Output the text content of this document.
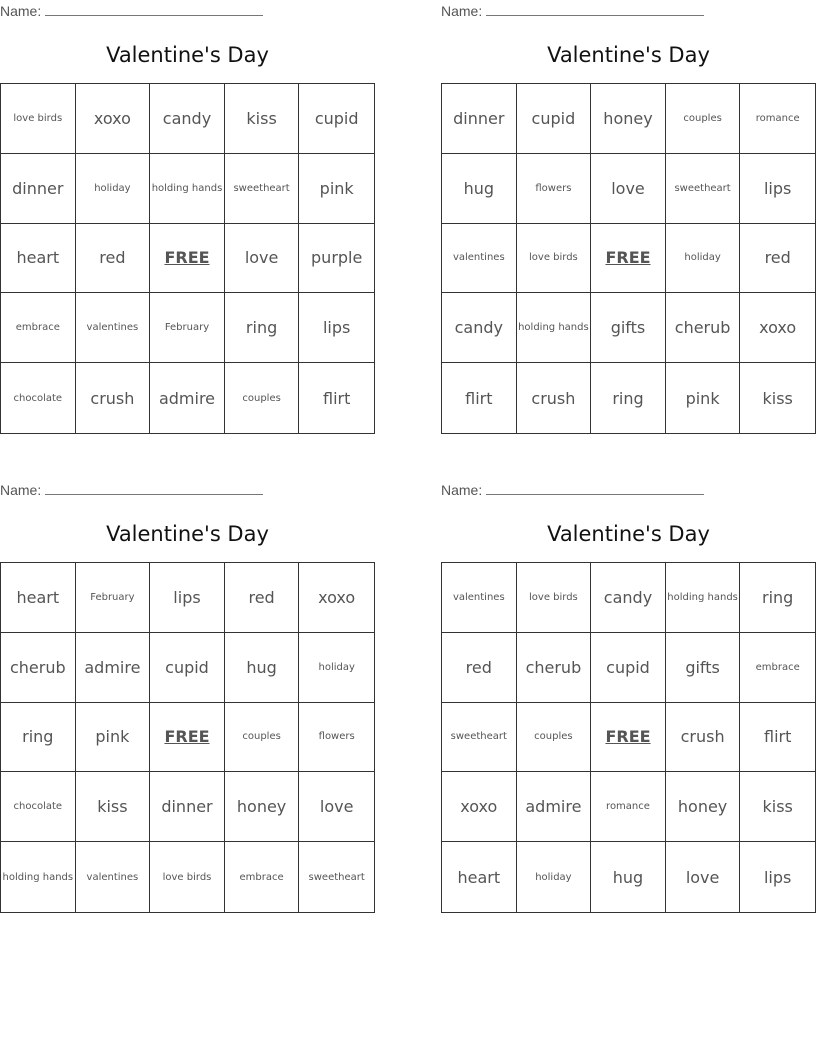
Name:
Valentine's Day
love birds	xoxo	candy	kiss	cupid
dinner	holiday	holding hands	sweetheart	pink
heart	red	FREE	love	purple
embrace	valentines	February	ring	lips
chocolate	crush	admire	couples	flirt
Name:
Valentine's Day
dinner	cupid	honey	couples	romance
hug	flowers	love	sweetheart	lips
valentines	love birds	FREE	holiday	red
candy	holding hands	gifts	cherub	xoxo
flirt	crush	ring	pink	kiss
Name:
Valentine's Day
heart	February	lips	red	xoxo
cherub	admire	cupid	hug	holiday
ring	pink	FREE	couples	flowers
chocolate	kiss	dinner	honey	love
holding hands	valentines	love birds	embrace	sweetheart
Name:
Valentine's Day
valentines	love birds	candy	holding hands	ring
red	cherub	cupid	gifts	embrace
sweetheart	couples	FREE	crush	flirt
xoxo	admire	romance	honey	kiss
heart	holiday	hug	love	lips
